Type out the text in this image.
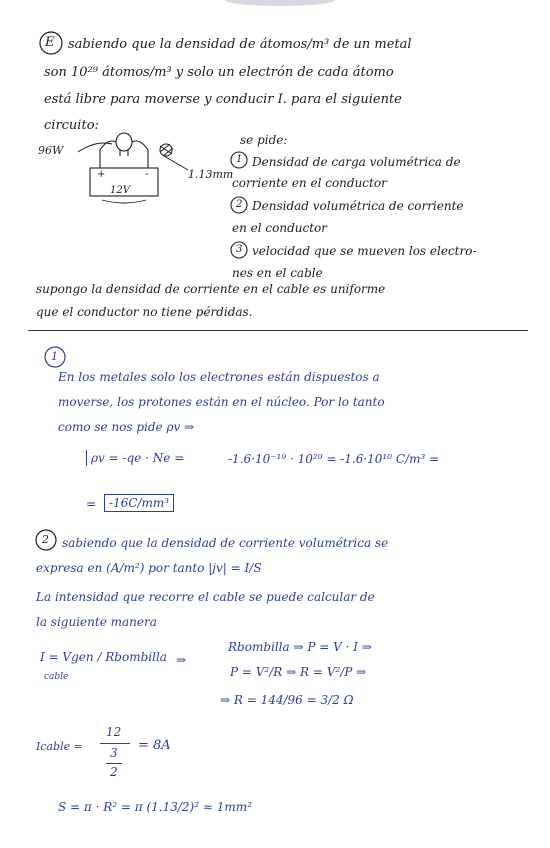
E sabiendo que la densidad de átomos/m³ de un metal
son 10²⁹ átomos/m³ y solo un electrón de cada átomo
está libre para moverse y conducir I. para el siguiente
circuito:
se pide:
96W
1.13mm
+	-
12V
1 Densidad de carga volumétrica de
corriente en el conductor
2 Densidad volumétrica de corriente
en el conductor
3 velocidad que se mueven los electro-
nes en el cable
supongo la densidad de corriente en el cable es uniforme
que el conductor no tiene pérdidas.
1
En los metales solo los electrones están dispuestos a
moverse, los protones están en el núcleo. Por lo tanto
como se nos pide ρv ⇒
ρv = -qe · Ne =	-1.6·10⁻¹⁹ · 10²⁹ = -1.6·10¹⁰ C/m³ =
=	-16C/mm³
2 sabiendo que la densidad de corriente volumétrica se
expresa en (A/m²) por tanto |jv| = I/S
La intensidad que recorre el cable se puede calcular de
la siguiente manera
I = Vgen / Rbombilla
cable
⇒
Rbombilla ⇒ P = V · I ⇒
P = V²/R ⇒ R = V²/P ⇒
⇒ R = 144/96 = 3/2 Ω
Icable =
12
3
2
= 8A
S = π · R² = π (1.13/2)² ≈ 1mm²
